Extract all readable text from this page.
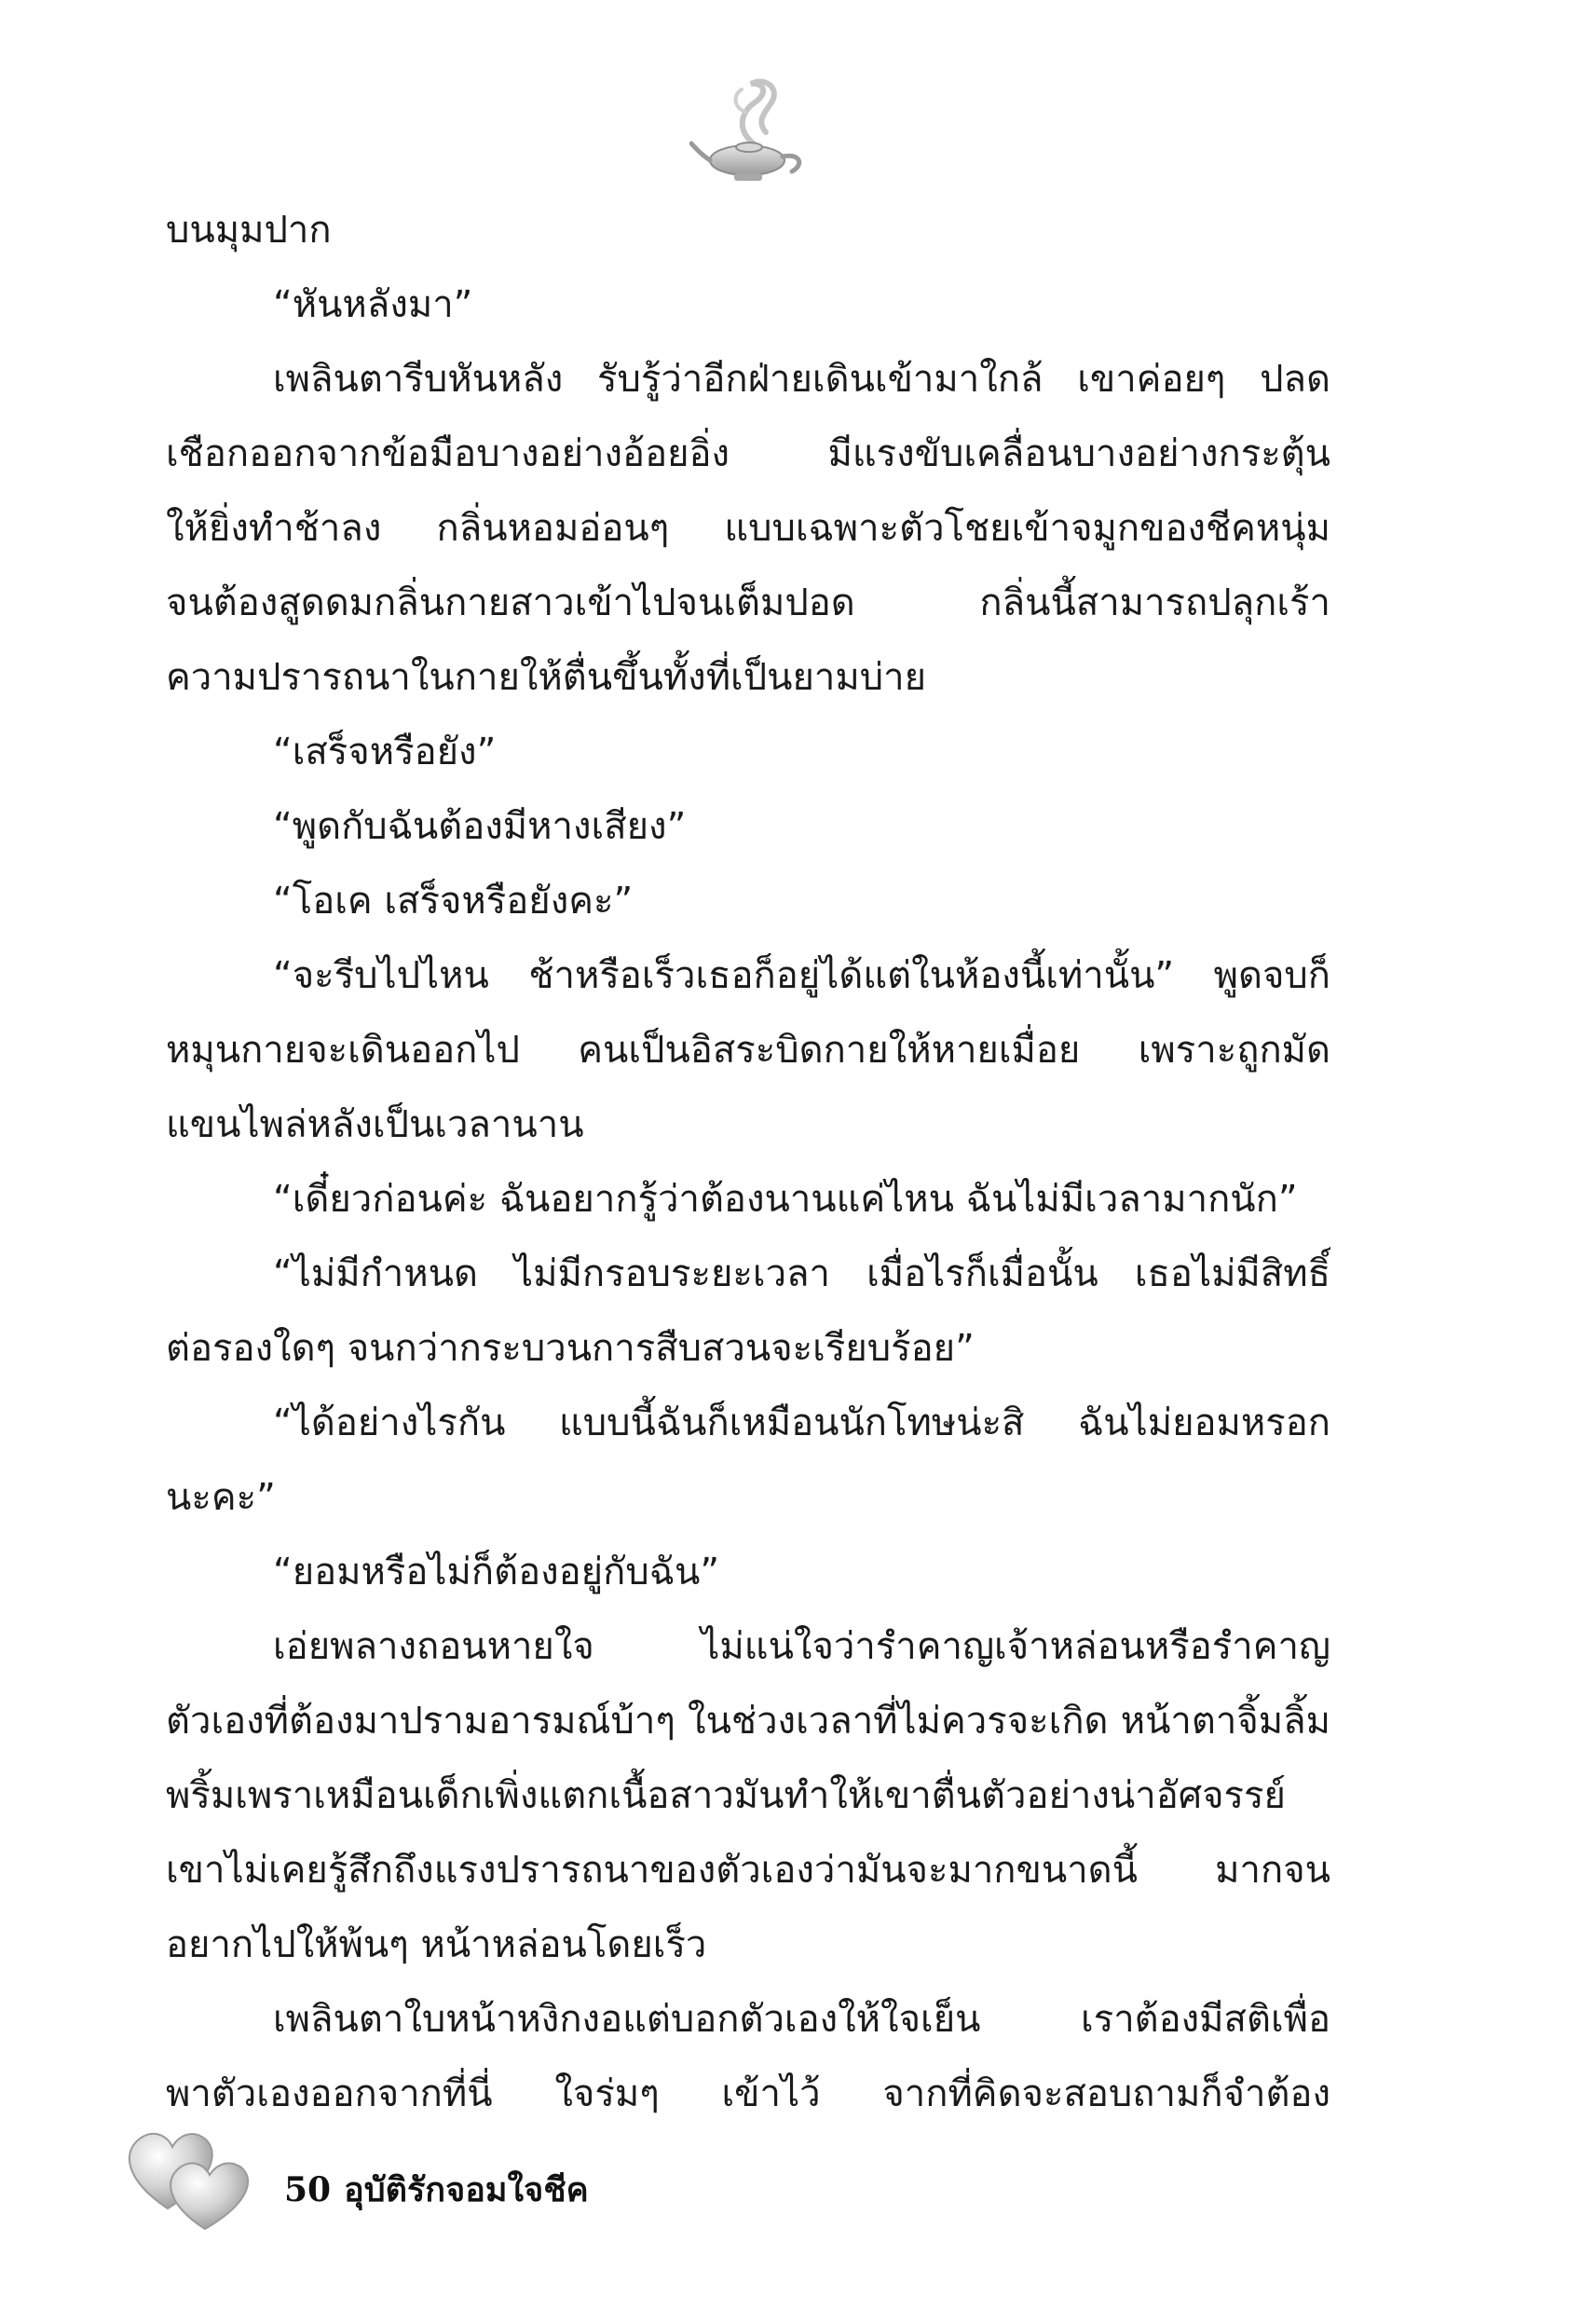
บนมุมปาก
“หันหลังมา”
เพลินตารีบหันหลัง รับรู้ว่าอีกฝ่ายเดินเข้ามาใกล้ เขาค่อยๆ ปลด
เชือกออกจากข้อมือบางอย่างอ้อยอิ่ง มีแรงขับเคลื่อนบางอย่างกระตุ้น
ให้ยิ่งทำช้าลง กลิ่นหอมอ่อนๆ แบบเฉพาะตัวโชยเข้าจมูกของชีคหนุ่ม
จนต้องสูดดมกลิ่นกายสาวเข้าไปจนเต็มปอด กลิ่นนี้สามารถปลุกเร้า
ความปรารถนาในกายให้ตื่นขึ้นทั้งที่เป็นยามบ่าย
“เสร็จหรือยัง”
“พูดกับฉันต้องมีหางเสียง”
“โอเค เสร็จหรือยังคะ”
“จะรีบไปไหน ช้าหรือเร็วเธอก็อยู่ได้แต่ในห้องนี้เท่านั้น” พูดจบก็
หมุนกายจะเดินออกไป คนเป็นอิสระบิดกายให้หายเมื่อย เพราะถูกมัด
แขนไพล่หลังเป็นเวลานาน
“เดี๋ยวก่อนค่ะ ฉันอยากรู้ว่าต้องนานแค่ไหน ฉันไม่มีเวลามากนัก”
“ไม่มีกำหนด ไม่มีกรอบระยะเวลา เมื่อไรก็เมื่อนั้น เธอไม่มีสิทธิ์
ต่อรองใดๆ จนกว่ากระบวนการสืบสวนจะเรียบร้อย”
“ได้อย่างไรกัน แบบนี้ฉันก็เหมือนนักโทษน่ะสิ ฉันไม่ยอมหรอก
นะคะ”
“ยอมหรือไม่ก็ต้องอยู่กับฉัน”
เอ่ยพลางถอนหายใจ ไม่แน่ใจว่ารำคาญเจ้าหล่อนหรือรำคาญ
ตัวเองที่ต้องมาปรามอารมณ์บ้าๆ ในช่วงเวลาที่ไม่ควรจะเกิด หน้าตาจิ้มลิ้ม
พริ้มเพราเหมือนเด็กเพิ่งแตกเนื้อสาวมันทำให้เขาตื่นตัวอย่างน่าอัศจรรย์
เขาไม่เคยรู้สึกถึงแรงปรารถนาของตัวเองว่ามันจะมากขนาดนี้ มากจน
อยากไปให้พ้นๆ หน้าหล่อนโดยเร็ว
เพลินตาใบหน้าหงิกงอแต่บอกตัวเองให้ใจเย็น เราต้องมีสติเพื่อ
พาตัวเองออกจากที่นี่ ใจร่มๆ เข้าไว้ จากที่คิดจะสอบถามก็จำต้อง
50 อุบัติรักจอมใจชีค
